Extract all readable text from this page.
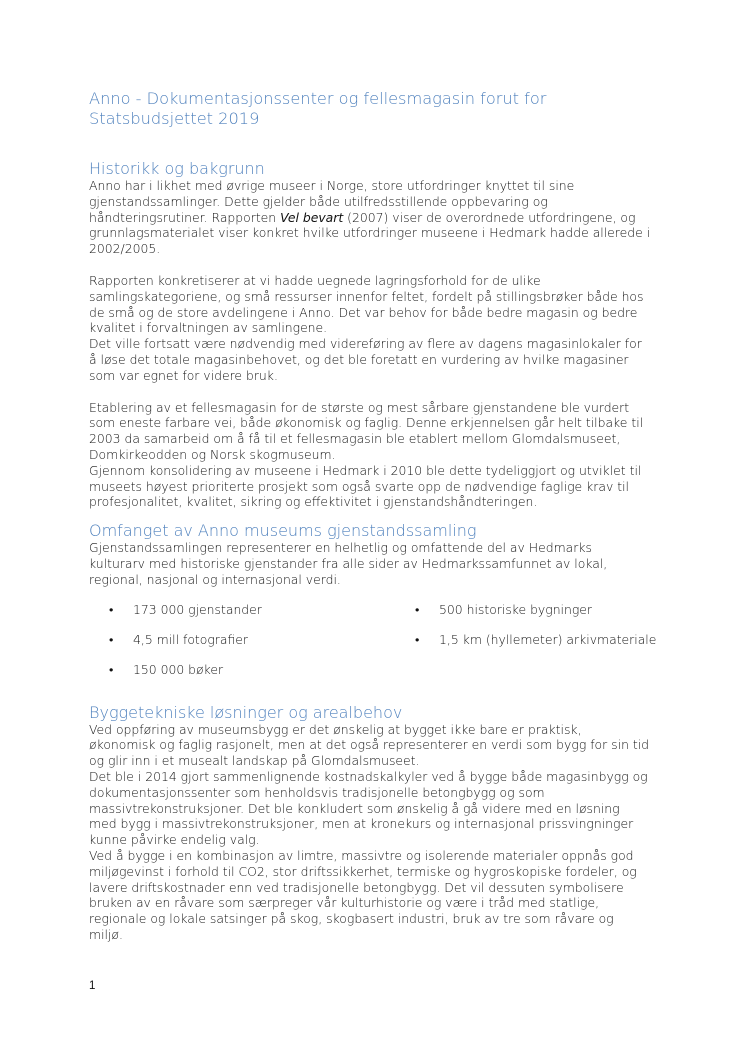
Anno - Dokumentasjonssenter og fellesmagasin forut for Statsbudsjettet 2019
Historikk og bakgrunn

Anno har i likhet med øvrige museer i Norge, store utfordringer knyttet til sine gjenstandssamlinger. Dette gjelder både utilfredsstillende oppbevaring og håndteringsrutiner. Rapporten Vel bevart (2007) viser de overordnede utfordringene, og grunnlagsmaterialet viser konkret hvilke utfordringer museene i Hedmark hadde allerede i 2002/2005.

Rapporten konkretiserer at vi hadde uegnede lagringsforhold for de ulike samlingskategoriene, og små ressurser innenfor feltet, fordelt på stillingsbrøker både hos de små og de store avdelingene i Anno. Det var behov for både bedre magasin og bedre kvalitet i forvaltningen av samlingene.

Det ville fortsatt være nødvendig med videreføring av flere av dagens magasinlokaler for å løse det totale magasinbehovet, og det ble foretatt en vurdering av hvilke magasiner som var egnet for videre bruk.

Etablering av et fellesmagasin for de største og mest sårbare gjenstandene ble vurdert som eneste farbare vei, både økonomisk og faglig. Denne erkjennelsen går helt tilbake til 2003 da samarbeid om å få til et fellesmagasin ble etablert mellom Glomdalsmuseet, Domkirkeodden og Norsk skogmuseum.

Gjennom konsolidering av museene i Hedmark i 2010 ble dette tydeliggjort og utviklet til museets høyest prioriterte prosjekt som også svarte opp de nødvendige faglige krav til profesjonalitet, kvalitet, sikring og effektivitet i gjenstandshåndteringen.

Omfanget av Anno museums gjenstandssamling

Gjenstandssamlingen representerer en helhetlig og omfattende del av Hedmarks kulturarv med historiske gjenstander fra alle sider av Hedmarkssamfunnet av lokal, regional, nasjonal og internasjonal verdi.

• 173 000 gjenstander	• 500 historiske bygninger
• 4,5 mill fotografier	• 1,5 km (hyllemeter) arkivmateriale
• 150 000 bøker
Byggetekniske løsninger og arealbehov

Ved oppføring av museumsbygg er det ønskelig at bygget ikke bare er praktisk, økonomisk og faglig rasjonelt, men at det også representerer en verdi som bygg for sin tid og glir inn i et musealt landskap på Glomdalsmuseet.

Det ble i 2014 gjort sammenlignende kostnadskalkyler ved å bygge både magasinbygg og dokumentasjonssenter som henholdsvis tradisjonelle betongbygg og som massivtrekonstruksjoner. Det ble konkludert som ønskelig å gå videre med en løsning med bygg i massivtrekonstruksjoner, men at kronekurs og internasjonal prissvingninger kunne påvirke endelig valg.

Ved å bygge i en kombinasjon av limtre, massivtre og isolerende materialer oppnås god miljøgevinst i forhold til CO2, stor driftssikkerhet, termiske og hygroskopiske fordeler, og lavere driftskostnader enn ved tradisjonelle betongbygg. Det vil dessuten symbolisere bruken av en råvare som særpreger vår kulturhistorie og være i tråd med statlige, regionale og lokale satsinger på skog, skogbasert industri, bruk av tre som råvare og miljø.

1
